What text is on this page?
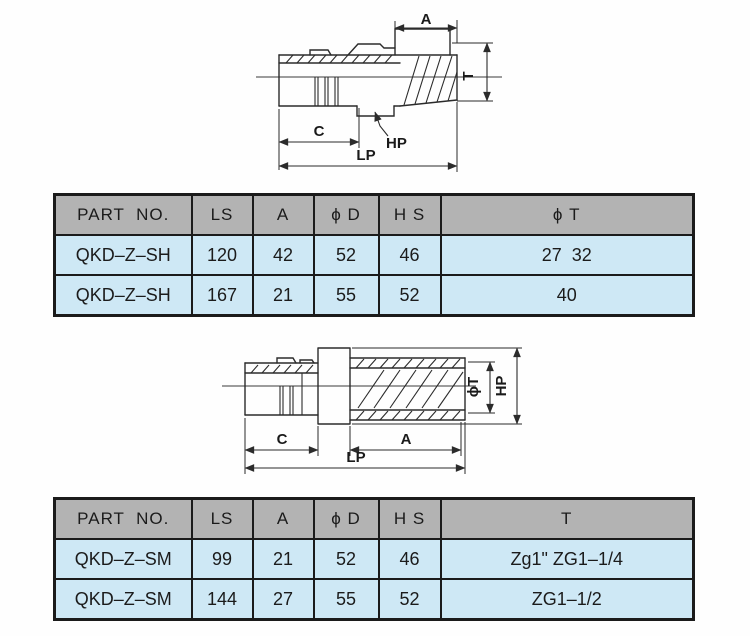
A
T
C
HP
LP
PART  NO.	LS	A	ϕ D	H S	ϕ T
QKD–Z–SH	120	42	52	46	27  32
QKD–Z–SH	167	21	55	52	40
ϕT HP
C	A
LP
PART  NO.	LS	A	ϕ D	H S	T
QKD–Z–SM	99	21	52	46	Zg1" ZG1–1/4
QKD–Z–SM	144	27	55	52	ZG1–1/2
